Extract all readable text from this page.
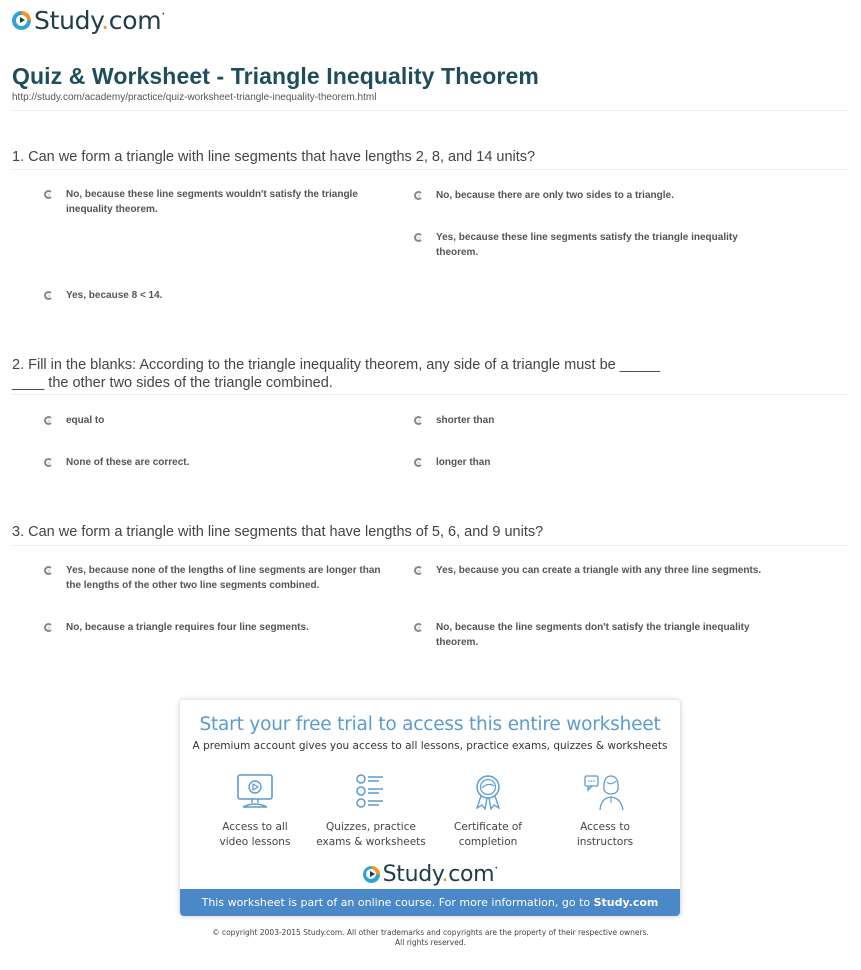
Study.com •
Quiz & Worksheet - Triangle Inequality Theorem
http://study.com/academy/practice/quiz-worksheet-triangle-inequality-theorem.html
1. Can we form a triangle with line segments that have lengths 2, 8, and 14 units?
No, because these line segments wouldn't satisfy the triangle inequality theorem.
No, because there are only two sides to a triangle.
Yes, because these line segments satisfy the triangle inequality theorem.
Yes, because 8 < 14.
2. Fill in the blanks: According to the triangle inequality theorem, any side of a triangle must be _____
____ the other two sides of the triangle combined.
equal to	shorter than
None of these are correct.	longer than
3. Can we form a triangle with line segments that have lengths of 5, 6, and 9 units?
Yes, because none of the lengths of line segments are longer than the lengths of the other two line segments combined.
Yes, because you can create a triangle with any three line segments.
No, because a triangle requires four line segments.	No, because the line segments don't satisfy the triangle inequality theorem.
Start your free trial to access this entire worksheet
A premium account gives you access to all lessons, practice exams, quizzes & worksheets
Access to all
video lessons
Quizzes, practice
exams & worksheets
Certificate of
completion
Access to
instructors
Study.com •
This worksheet is part of an online course. For more information, go to Study.com
© copyright 2003-2015 Study.com. All other trademarks and copyrights are the property of their respective owners.
All rights reserved.
